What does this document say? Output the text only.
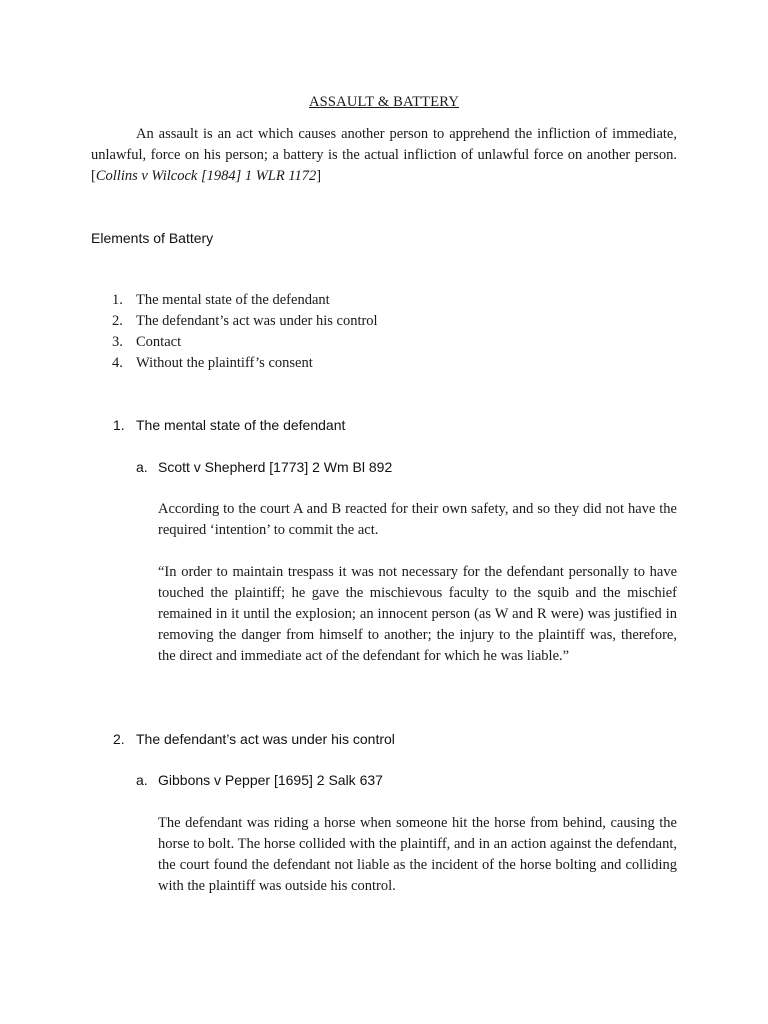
ASSAULT & BATTERY

An assault is an act which causes another person to apprehend the infliction of immediate, unlawful, force on his person; a battery is the actual infliction of unlawful force on another person. [Collins v Wilcock [1984] 1 WLR 1172]

Elements of Battery
1. The mental state of the defendant
2. The defendant’s act was under his control
3. Contact
4. Without the plaintiff’s consent
1. The mental state of the defendant
a. Scott v Shepherd [1773] 2 Wm Bl 892

According to the court A and B reacted for their own safety, and so they did not have the required ‘intention’ to commit the act.

“In order to maintain trespass it was not necessary for the defendant personally to have touched the plaintiff; he gave the mischievous faculty to the squib and the mischief remained in it until the explosion; an innocent person (as W and R were) was justified in removing the danger from himself to another; the injury to the plaintiff was, therefore, the direct and immediate act of the defendant for which he was liable.”

2. The defendant’s act was under his control
a. Gibbons v Pepper [1695] 2 Salk 637

The defendant was riding a horse when someone hit the horse from behind, causing the horse to bolt. The horse collided with the plaintiff, and in an action against the defendant, the court found the defendant not liable as the incident of the horse bolting and colliding with the plaintiff was outside his control.
